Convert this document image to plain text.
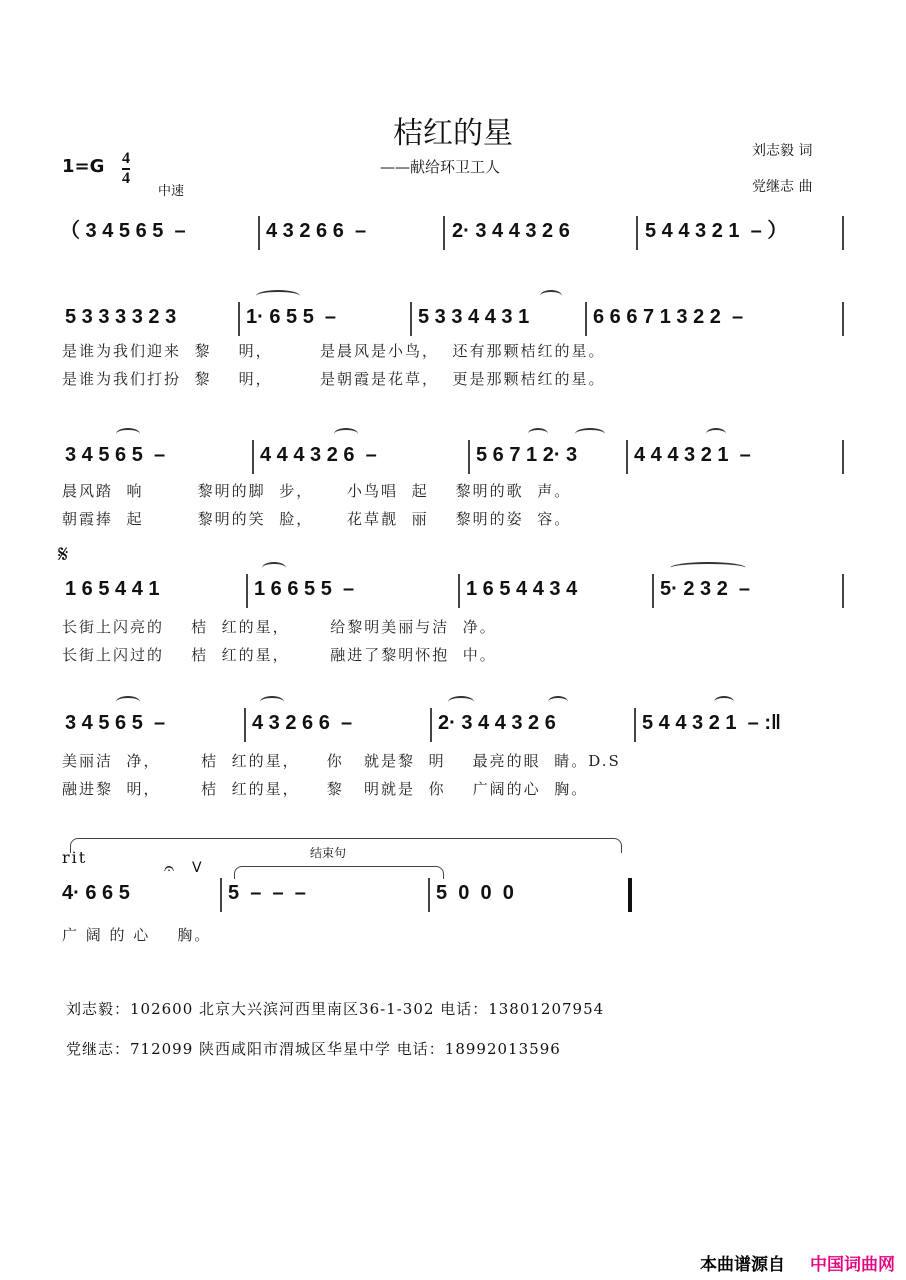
桔红的星
——献给环卫工人
刘志毅 词
党继志 曲
1=G 4
4
中速
（ 3 4 5 6 5  –	4 3 2 6 6  –	2· 3 4 4 3 2 6	5 4 4 3 2 1  – ）
5 3 3 3 3 2 3	1· 6 5 5  –	5 3 3 4 4 3 1	6 6 6 7 1 3 2 2  –
是谁为我们迎来  黎    明，       是晨风是小鸟，  还有那颗桔红的星。
是谁为我们打扮  黎    明，       是朝霞是花草，  更是那颗桔红的星。
3 4 5 6 5  –	4 4 4 3 2 6  –	5 6 7 1 2· 3	4 4 4 3 2 1  –
晨风踏  响        黎明的脚  步，     小鸟唱  起    黎明的歌  声。
朝霞捧  起        黎明的笑  脸，     花草靓  丽    黎明的姿  容。
𝄋
1 6 5 4 4 1	1 6 6 5 5  –	1 6 5 4 4 3 4	5· 2 3 2  –
长街上闪亮的    桔  红的星，      给黎明美丽与洁  净。
长街上闪过的    桔  红的星，      融进了黎明怀抱  中。
3 4 5 6 5  –	4 3 2 6 6  –	2· 3 4 4 3 2 6	5 4 4 3 2 1  – :‖
美丽洁  净，      桔  红的星，    你   就是黎  明    最亮的眼  睛。D.S
融进黎  明，      桔  红的星，    黎   明就是  你    广阔的心  胸。
rit	结束句
𝄐 V
4· 6 6 5	5  –  –  –	5  0  0  0
广 阔 的 心    胸。
刘志毅：102600 北京大兴滨河西里南区36-1-302 电话：13801207954
党继志：712099 陕西咸阳市渭城区华星中学 电话：18992013596
本曲谱源自 中国词曲网
